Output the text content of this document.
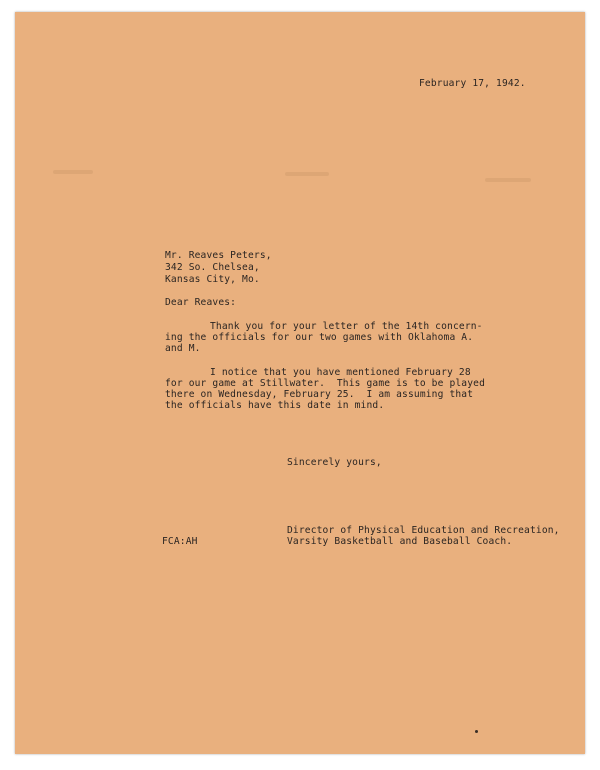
February 17, 1942.
Mr. Reaves Peters,
342 So. Chelsea,
Kansas City, Mo.
Dear Reaves:
Thank you for your letter of the 14th concern-
ing the officials for our two games with Oklahoma A.
and M.
I notice that you have mentioned February 28
for our game at Stillwater.  This game is to be played
there on Wednesday, February 25.  I am assuming that
the officials have this date in mind.
Sincerely yours,
FCA:AH
Director of Physical Education and Recreation,
Varsity Basketball and Baseball Coach.
